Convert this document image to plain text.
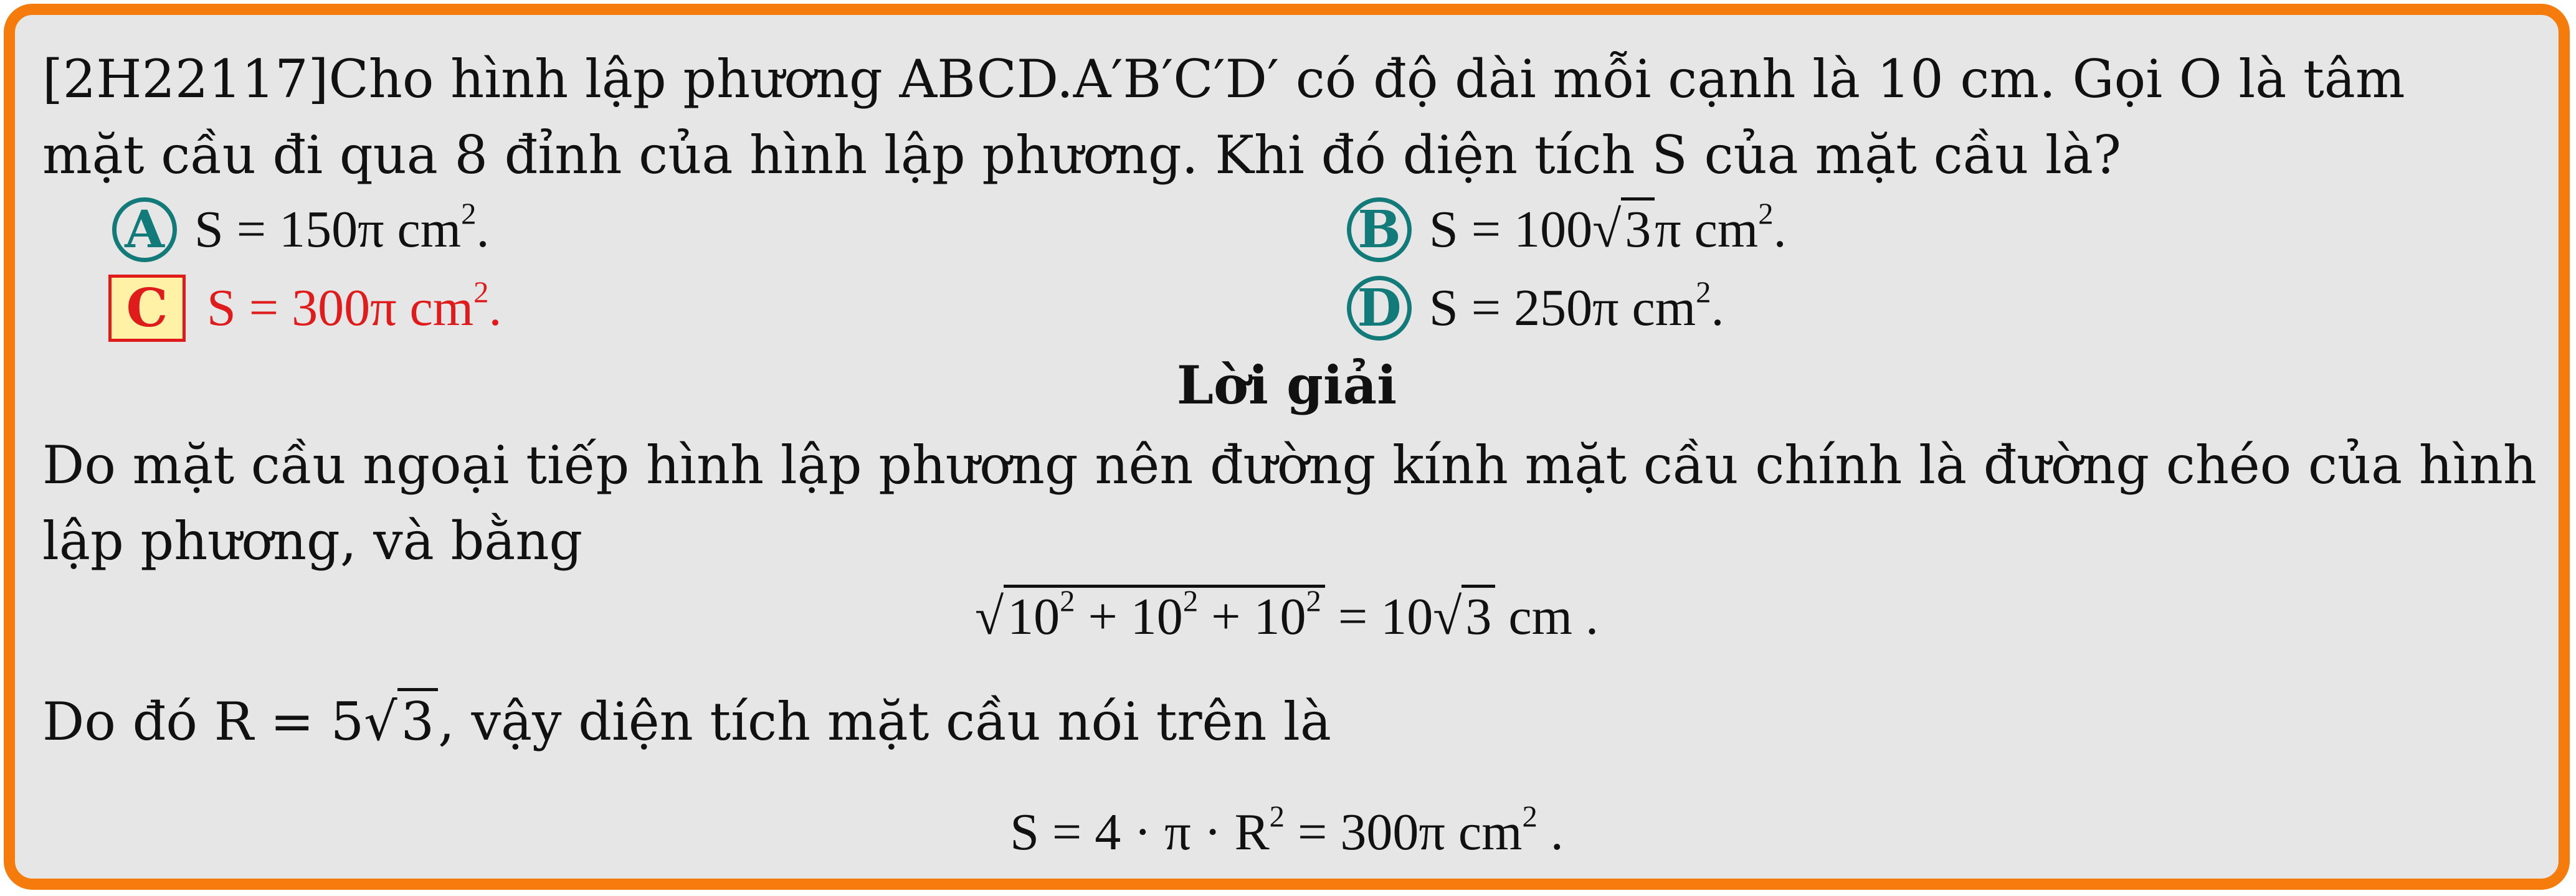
[2H22117]Cho hình lập phương ABCD.A′B′C′D′ có độ dài mỗi cạnh là 10 cm. Gọi O là tâm
mặt cầu đi qua 8 đỉnh của hình lập phương. Khi đó diện tích S của mặt cầu là?
A S = 150π $cm^2$.	B S = 100√3π $cm^2$.
C S = 300π $cm^2$.	D S = 250π $cm^2$.
Lời giải
Do mặt cầu ngoại tiếp hình lập phương nên đường kính mặt cầu chính là đường chéo của hình
lập phương, và bằng
$√10^2 + 10^2 + 10^2 = 10√3$ cm .
Do đó R = 5√3, vậy diện tích mặt cầu nói trên là
$S = 4 \cdot \pi \cdot R^2 = 300\pi$ $cm^2$ .
